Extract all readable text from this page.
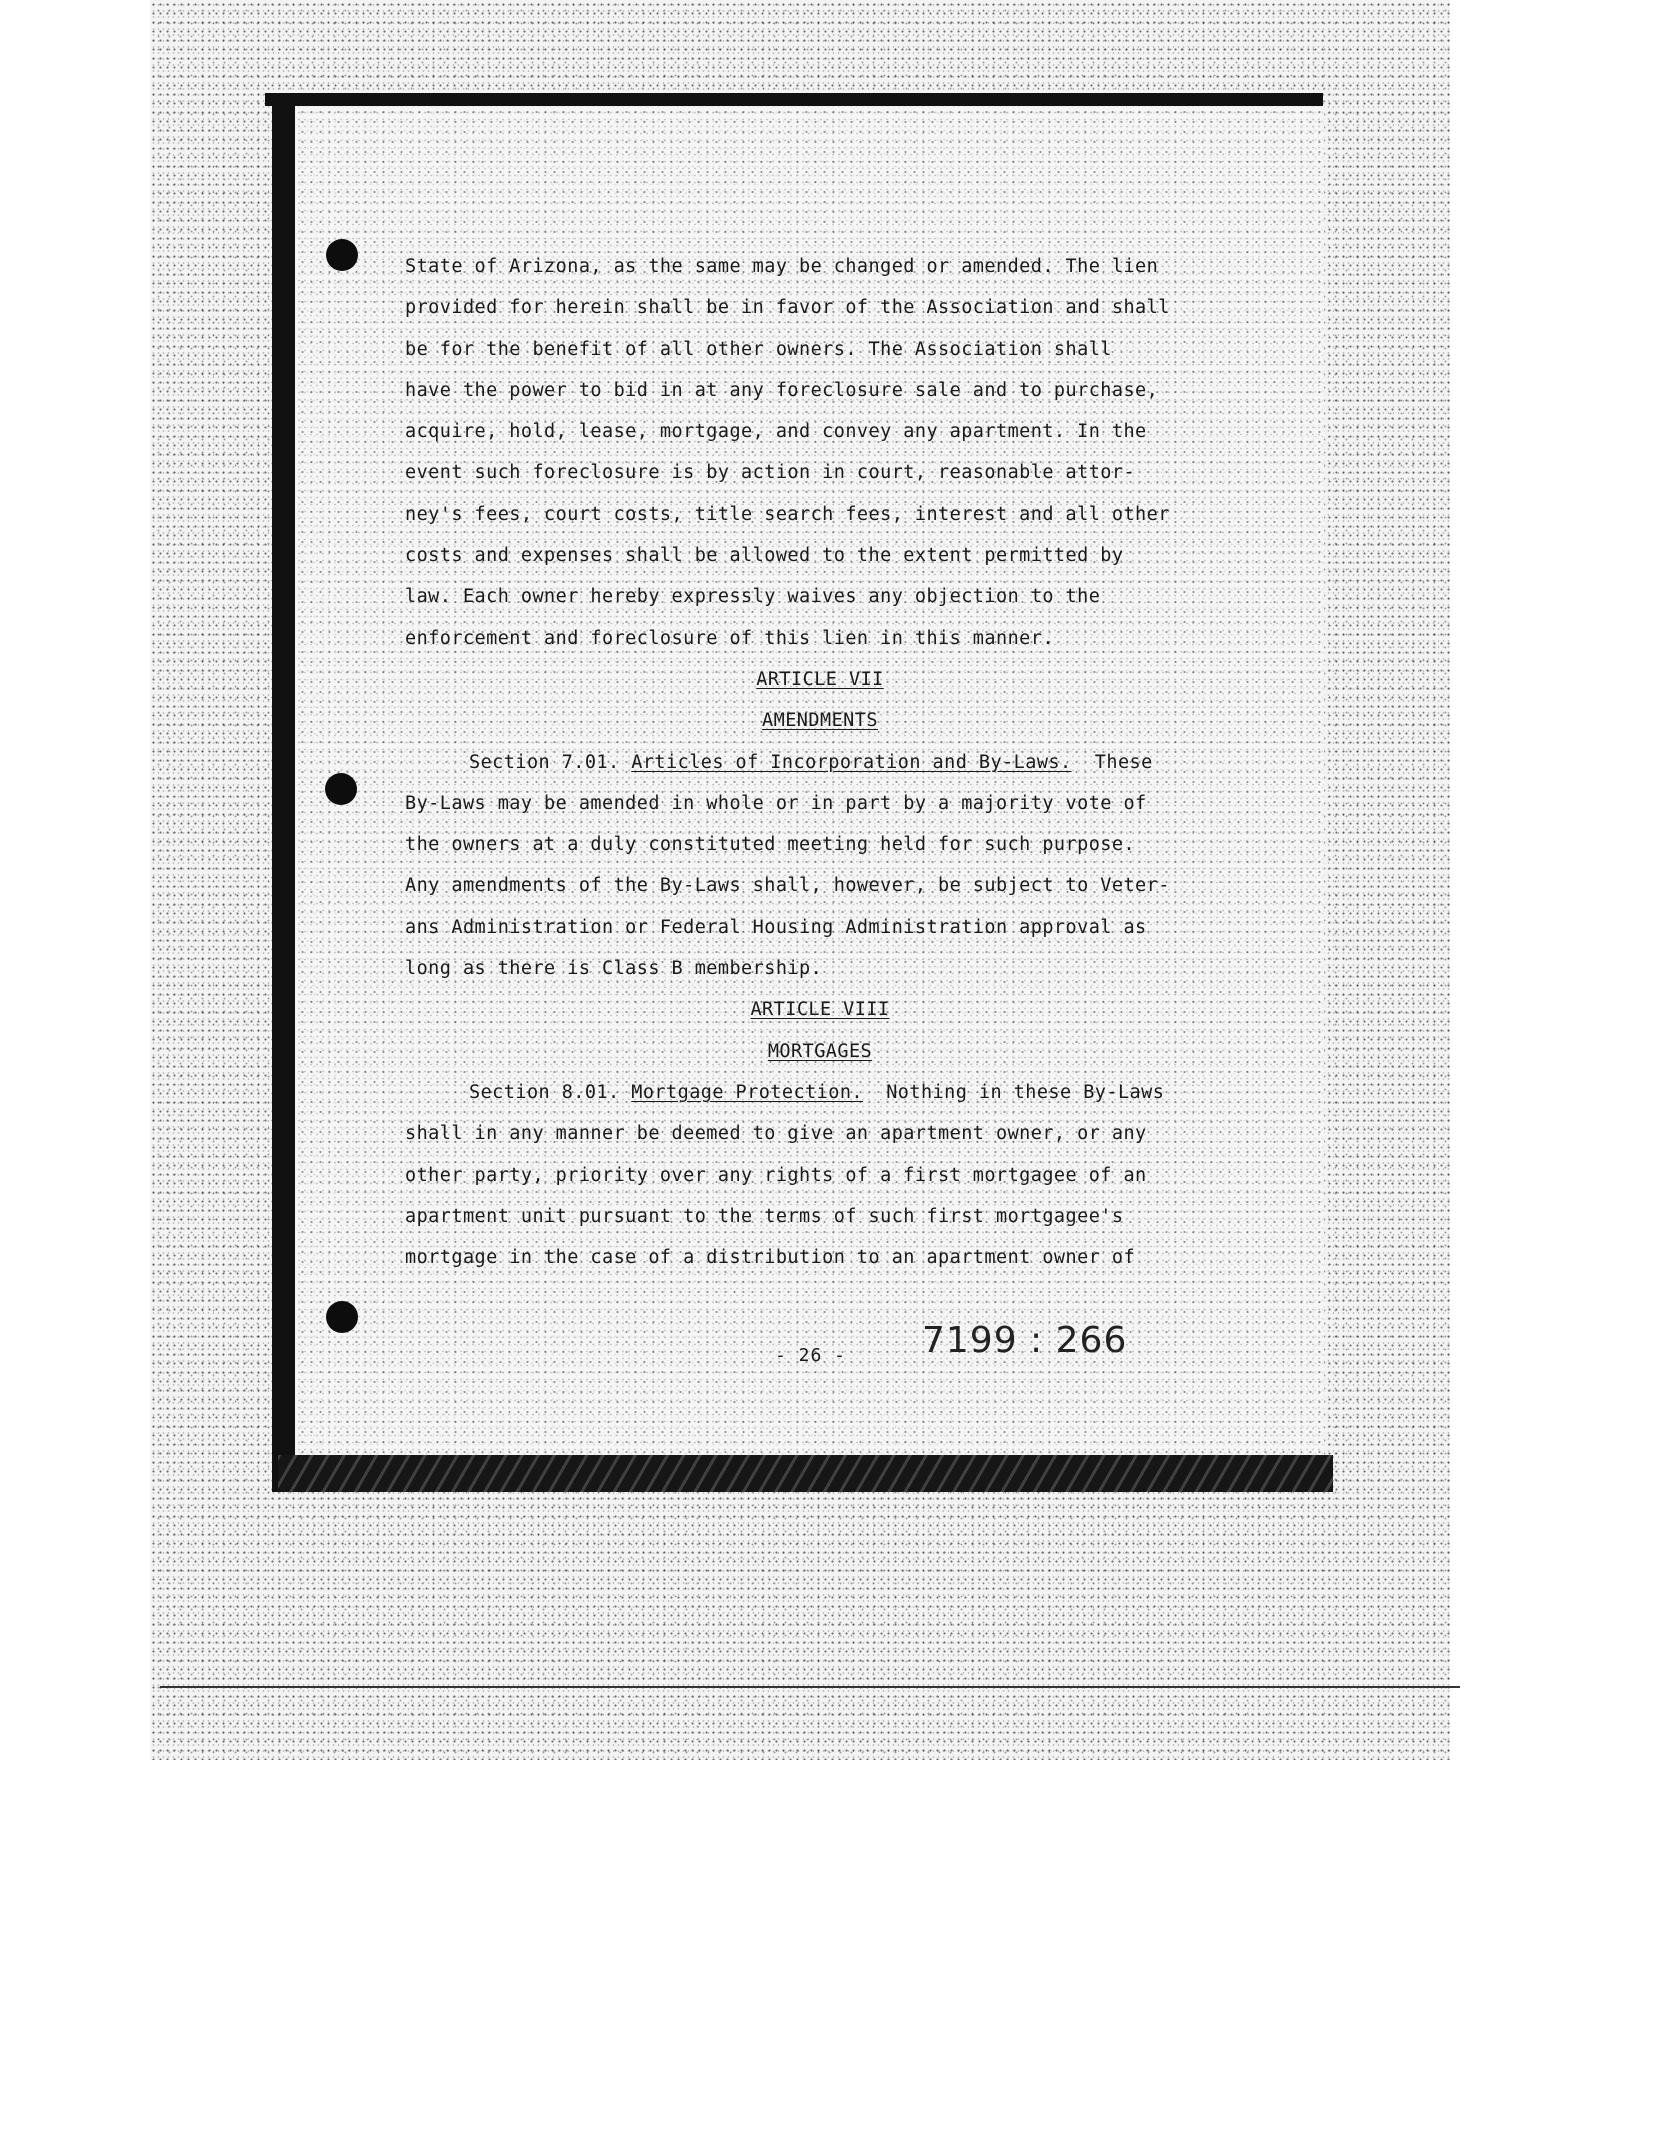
State of Arizona, as the same may be changed or amended. The lien
provided for herein shall be in favor of the Association and shall
be for the benefit of all other owners. The Association shall
have the power to bid in at any foreclosure sale and to purchase,
acquire, hold, lease, mortgage, and convey any apartment. In the
event such foreclosure is by action in court, reasonable attor-
ney's fees, court costs, title search fees, interest and all other
costs and expenses shall be allowed to the extent permitted by
law. Each owner hereby expressly waives any objection to the
enforcement and foreclosure of this lien in this manner.
ARTICLE VII
AMENDMENTS
Section 7.01. Articles of Incorporation and By-Laws. These
By-Laws may be amended in whole or in part by a majority vote of
the owners at a duly constituted meeting held for such purpose.
Any amendments of the By-Laws shall, however, be subject to Veter-
ans Administration or Federal Housing Administration approval as
long as there is Class B membership.
ARTICLE VIII
MORTGAGES
Section 8.01. Mortgage Protection. Nothing in these By-Laws
shall in any manner be deemed to give an apartment owner, or any
other party, priority over any rights of a first mortgagee of an
apartment unit pursuant to the terms of such first mortgagee's
mortgage in the case of a distribution to an apartment owner of
- 26 - 7199 : 266
